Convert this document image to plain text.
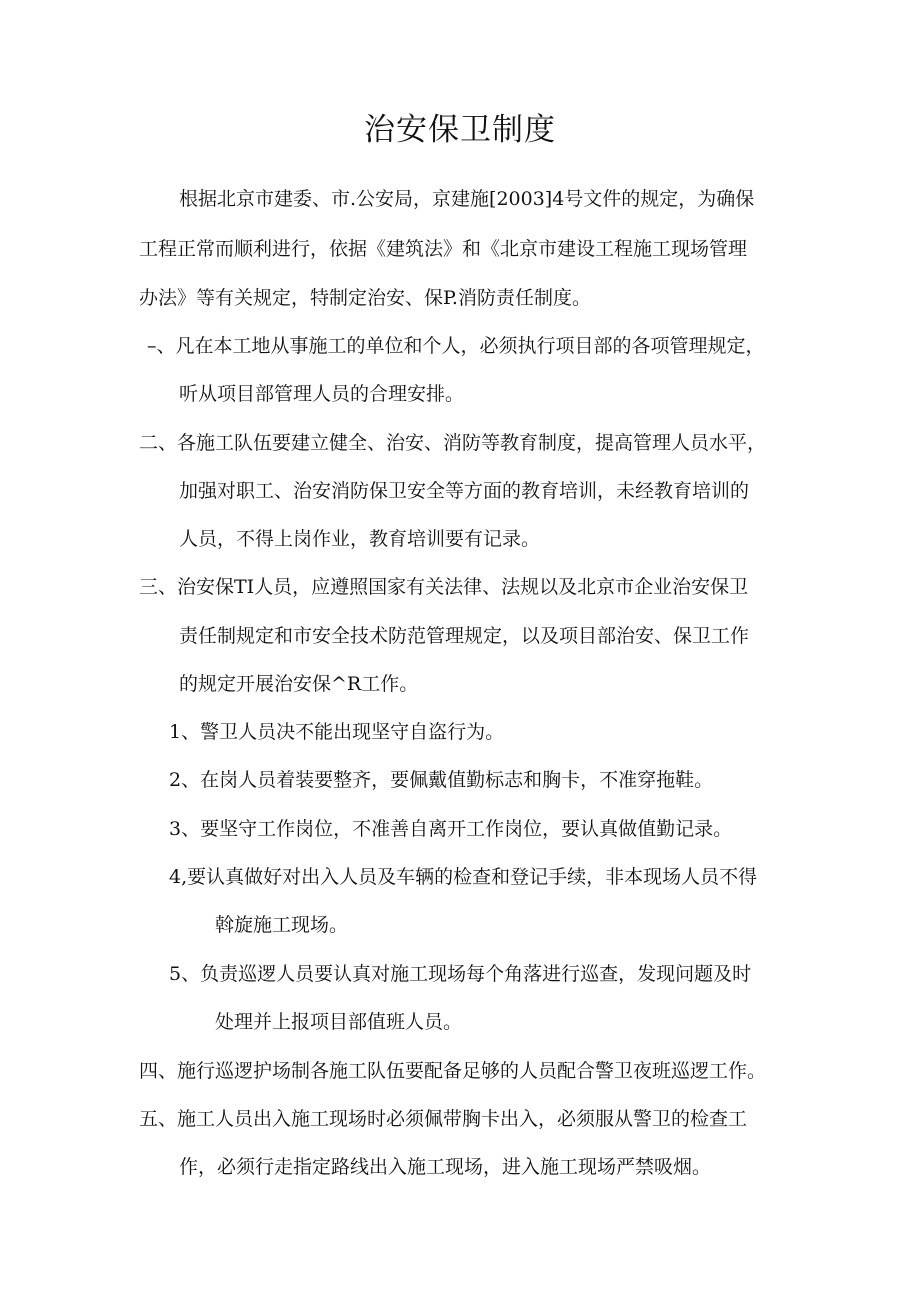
治安保卫制度
根据北京市建委、市.公安局，京建施[2003]4号文件的规定，为确保
工程正常而顺利进行，依据《建筑法》和《北京市建设工程施工现场管理
办法》等有关规定，特制定治安、保P.消防责任制度。
–、凡在本工地从事施工的单位和个人，必须执行项目部的各项管理规定，
听从项目部管理人员的合理安排。
二、各施工队伍要建立健全、治安、消防等教育制度，提高管理人员水平，
加强对职工、治安消防保卫安全等方面的教育培训，未经教育培训的
人员，不得上岗作业，教育培训要有记录。
三、治安保TI人员，应遵照国家有关法律、法规以及北京市企业治安保卫
责任制规定和市安全技术防范管理规定，以及项目部治安、保卫工作
的规定开展治安保^R工作。
1、警卫人员决不能出现坚守自盗行为。
2、在岗人员着装要整齐，要佩戴值勤标志和胸卡，不准穿拖鞋。
3、要坚守工作岗位，不准善自离开工作岗位，要认真做值勤记录。
4,要认真做好对出入人员及车辆的检查和登记手续，非本现场人员不得
斡旋施工现场。
5、负责巡逻人员要认真对施工现场每个角落进行巡查，发现问题及时
处理并上报项目部值班人员。
四、施行巡逻护场制各施工队伍要配备足够的人员配合警卫夜班巡逻工作。
五、施工人员出入施工现场时必须佩带胸卡出入，必须服从警卫的检查工
作，必须行走指定路线出入施工现场，进入施工现场严禁吸烟。
